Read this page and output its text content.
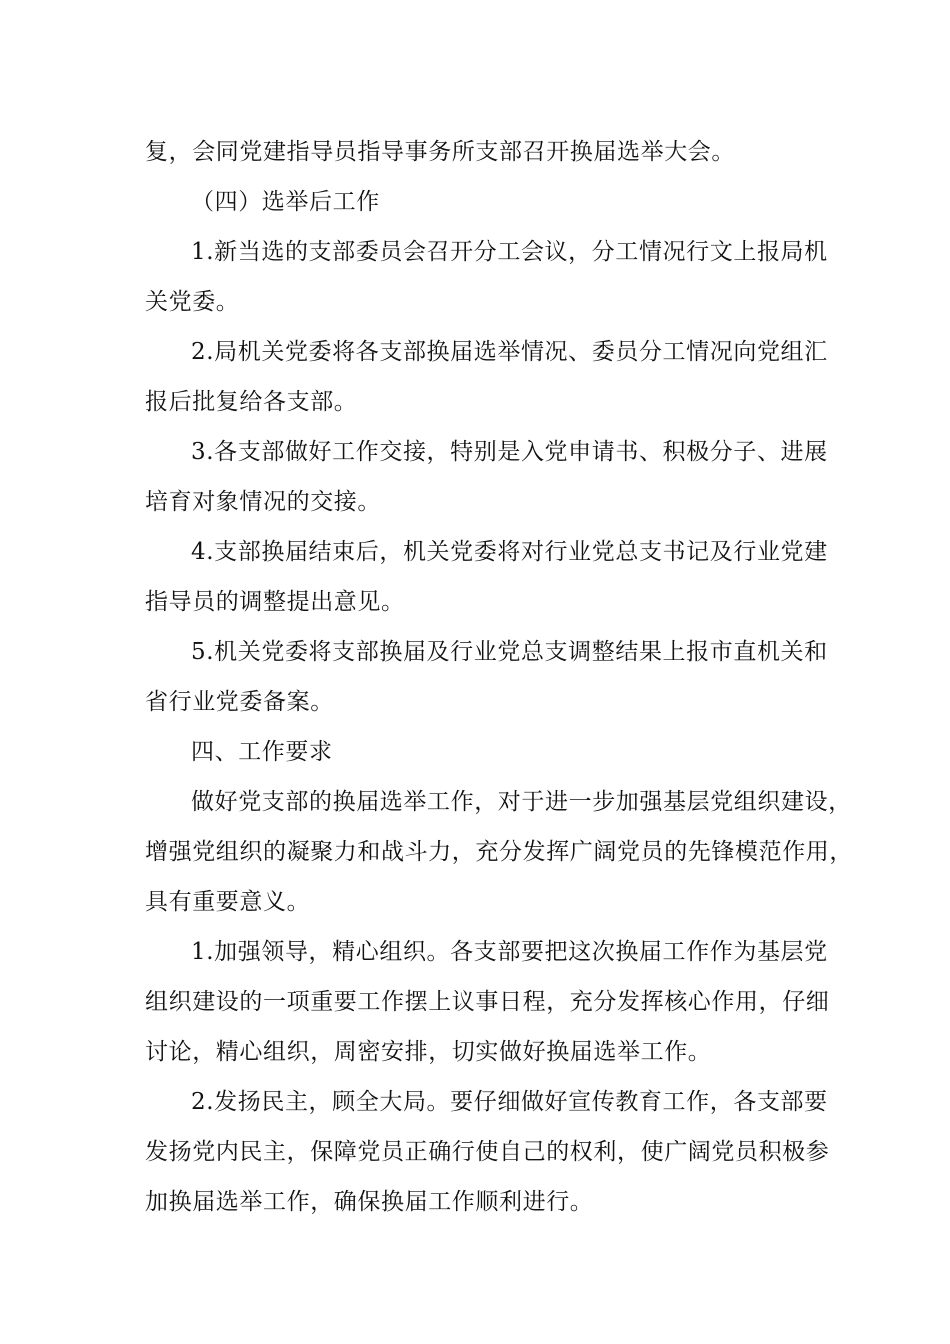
复，会同党建指导员指导事务所支部召开换届选举大会。
（四）选举后工作
1.新当选的支部委员会召开分工会议，分工情况行文上报局机
关党委。
2.局机关党委将各支部换届选举情况、委员分工情况向党组汇
报后批复给各支部。
3.各支部做好工作交接，特别是入党申请书、积极分子、进展
培育对象情况的交接。
4.支部换届结束后，机关党委将对行业党总支书记及行业党建
指导员的调整提出意见。
5.机关党委将支部换届及行业党总支调整结果上报市直机关和
省行业党委备案。
四、工作要求
做好党支部的换届选举工作，对于进一步加强基层党组织建设，
增强党组织的凝聚力和战斗力，充分发挥广阔党员的先锋模范作用，
具有重要意义。
1.加强领导，精心组织。各支部要把这次换届工作作为基层党
组织建设的一项重要工作摆上议事日程，充分发挥核心作用，仔细
讨论，精心组织，周密安排，切实做好换届选举工作。
2.发扬民主，顾全大局。要仔细做好宣传教育工作，各支部要
发扬党内民主，保障党员正确行使自己的权利，使广阔党员积极参
加换届选举工作，确保换届工作顺利进行。
